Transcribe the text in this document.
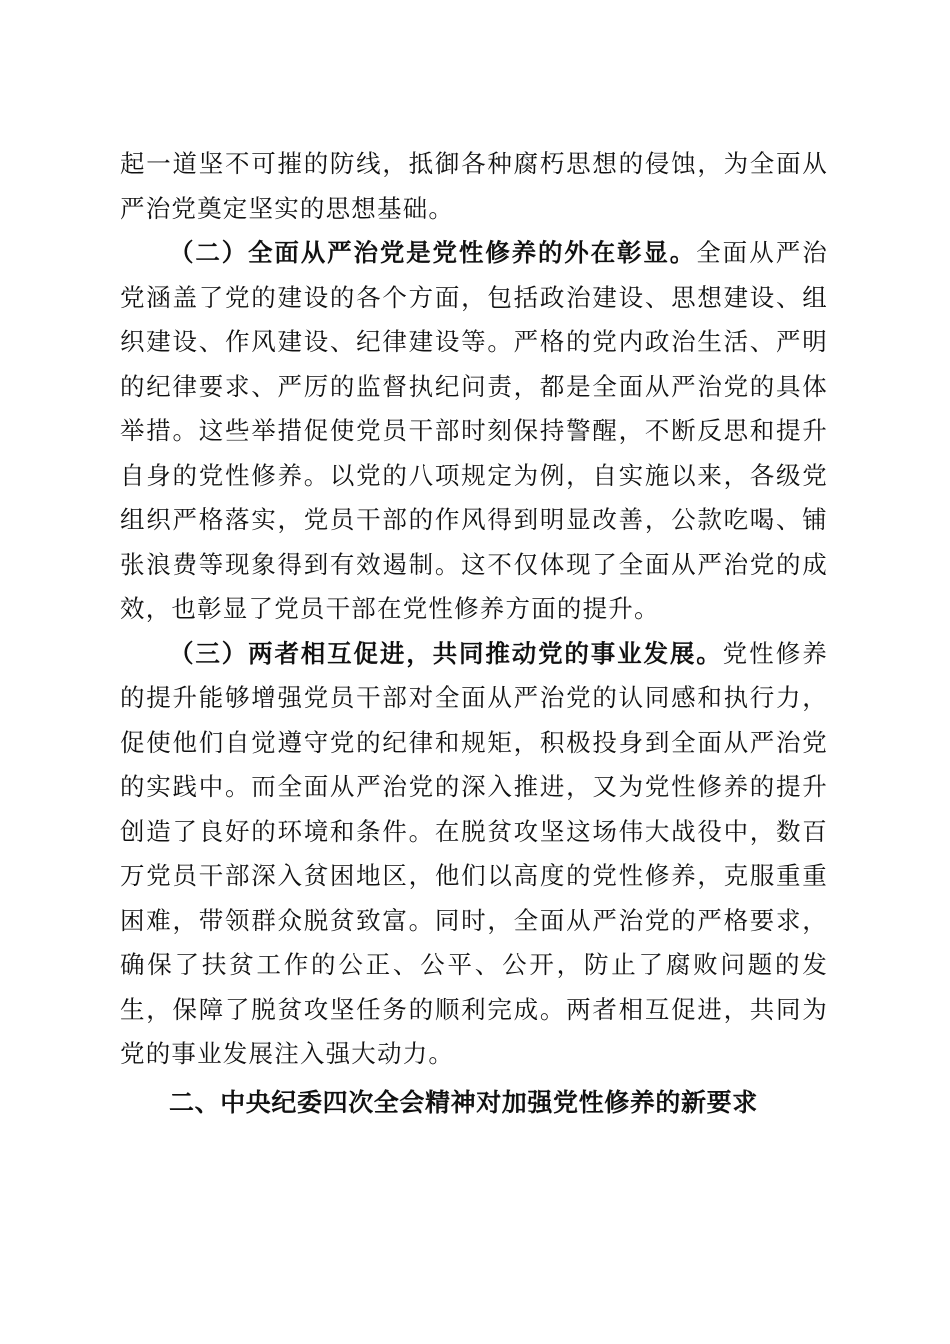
起一道坚不可摧的防线，抵御各种腐朽思想的侵蚀，为全面从严治党奠定坚实的思想基础。

（二）全面从严治党是党性修养的外在彰显。全面从严治党涵盖了党的建设的各个方面，包括政治建设、思想建设、组织建设、作风建设、纪律建设等。严格的党内政治生活、严明的纪律要求、严厉的监督执纪问责，都是全面从严治党的具体举措。这些举措促使党员干部时刻保持警醒，不断反思和提升自身的党性修养。以党的八项规定为例，自实施以来，各级党组织严格落实，党员干部的作风得到明显改善，公款吃喝、铺张浪费等现象得到有效遏制。这不仅体现了全面从严治党的成效，也彰显了党员干部在党性修养方面的提升。

（三）两者相互促进，共同推动党的事业发展。党性修养的提升能够增强党员干部对全面从严治党的认同感和执行力，促使他们自觉遵守党的纪律和规矩，积极投身到全面从严治党的实践中。而全面从严治党的深入推进，又为党性修养的提升创造了良好的环境和条件。在脱贫攻坚这场伟大战役中，数百万党员干部深入贫困地区，他们以高度的党性修养，克服重重困难，带领群众脱贫致富。同时，全面从严治党的严格要求，确保了扶贫工作的公正、公平、公开，防止了腐败问题的发生，保障了脱贫攻坚任务的顺利完成。两者相互促进，共同为党的事业发展注入强大动力。

二、中央纪委四次全会精神对加强党性修养的新要求
